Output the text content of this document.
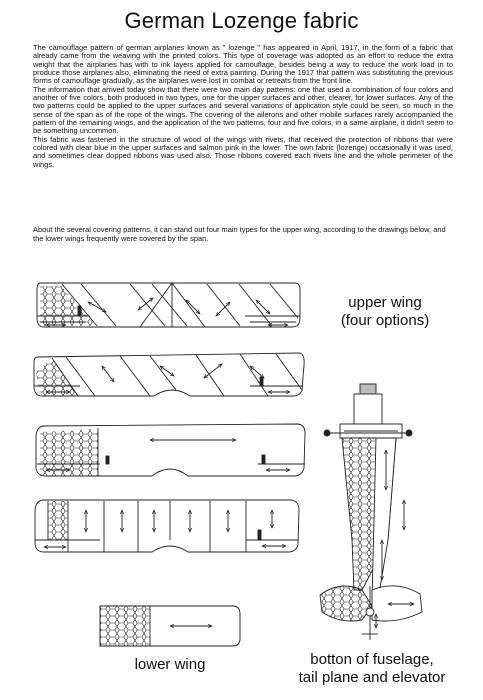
German Lozenge fabric

The camouflage pattern of german airplanes known as " lozenge " has appeared in April, 1917, in the form of a fabric that already came from the weaving with the printed colors. This type of coverage was adopted as an effort to reduce the extra weight that the airplanes has with to ink layers applied for camouflage, besides being a way to reduce the work load in to produce those airplanes also, eliminating the need of extra painting. During the 1917 that pattern was substituting the previous forms of camouflage gradually, as the airplanes were lost in combat or retreats from the front line.

The information that arrived today show that there were two main day patterns: one that used a combination of four colors and another of five colors, both produced in two types, one for the upper surfaces and other, clearer, for lower surfaces. Any of the two patterns could be applied to the upper surfaces and several variations of application style could be seen, so much in the sense of the span as of the rope of the wings. The covering of the ailerons and other mobile surfaces rarely accompanied the pattern of the remaining wings, and the application of the two patterns, four and five colors, in a same airplane, it didn't seem to be something uncommon.

This fabric was fastened in the structure of wood of the wings with rivets, that received the protection of ribbons that were colored with clear blue in the upper surfaces and salmon pink in the lower. The own fabric (lozenge) occasionally it was used, and sometimes clear dopped ribbons was used also. Those ribbons covered each rivets line and the whole perimeter of the wings.

About the several covering patterns, it can stand out four main types for the upper wing, according to the drawings below, and the lower wings frequently were covered by the span.
upper wing
(four options)
lower wing	botton of fuselage,
tail plane and elevator
